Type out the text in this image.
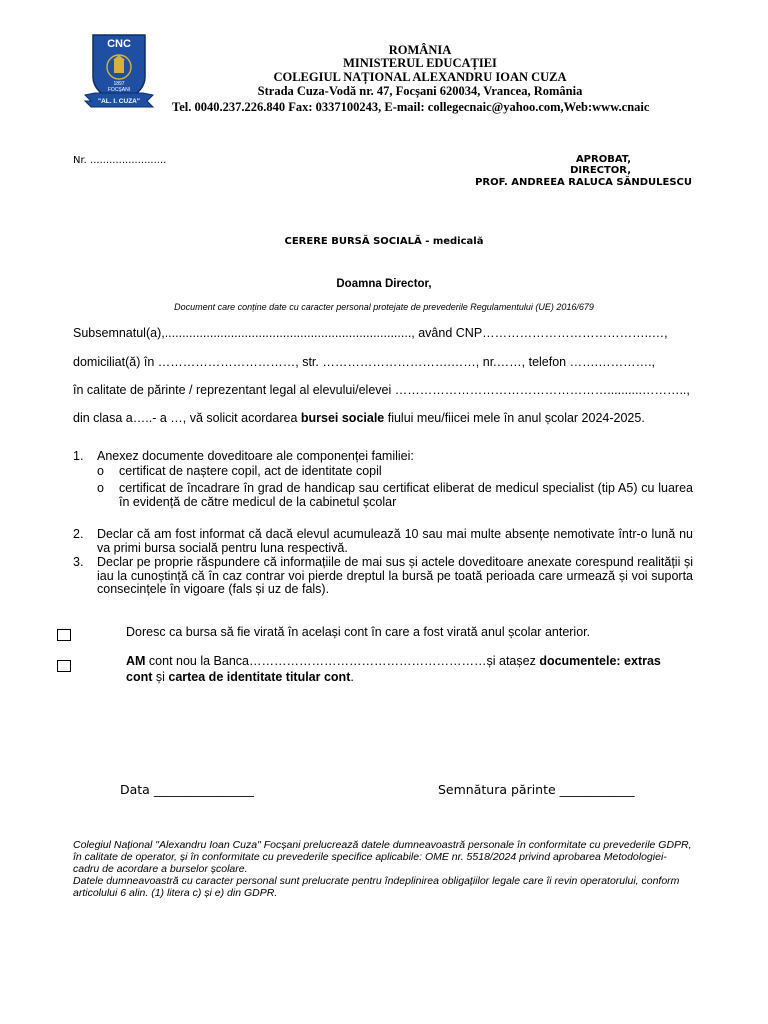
CNC
1897
FOCȘANI
"AL. I. CUZA"
ROMÂNIA
MINISTERUL EDUCAȚIEI
COLEGIUL NAȚIONAL ALEXANDRU IOAN CUZA
Strada Cuza-Vodă nr. 47, Focșani 620034, Vrancea, România
Tel. 0040.237.226.840 Fax: 0337100243, E-mail: collegecnaic@yahoo.com,Web:www.cnaic
Nr. ........................	APROBAT,
DIRECTOR,
PROF. ANDREEA RALUCA SĂNDULESCU
CERERE BURSĂ SOCIALĂ - medicală
Doamna Director,
Document care conține date cu caracter personal protejate de prevederile Regulamentului (UE) 2016/679
Subsemnatul(a),......................................................................., având CNP…………………………………..…,
domiciliat(ă) în ……………………………, str. ………………………….……, nr.……, telefon …….………….,
în calitate de părinte / reprezentant legal al elevului/elevei ……………………………………………..........………..,
din clasa a…..- a …, vă solicit acordarea bursei sociale fiului meu/fiicei mele în anul școlar 2024-2025.
1. Anexez documente doveditoare ale componenței familiei:
o certificat de naștere copil, act de identitate copil
o certificat de încadrare în grad de handicap sau certificat eliberat de medicul specialist (tip A5) cu luarea în evidență de către medicul de la cabinetul școlar
2. Declar că am fost informat că dacă elevul acumulează 10 sau mai multe absențe nemotivate într-o lună nu va primi bursa socială pentru luna respectivă.
3. Declar pe proprie răspundere că informațiile de mai sus și actele doveditoare anexate corespund realității și iau la cunoștință că în caz contrar voi pierde dreptul la bursă pe toată perioada care urmează și voi suporta consecințele în vigoare (fals și uz de fals).
Doresc ca bursa să fie virată în același cont în care a fost virată anul școlar anterior.
AM cont nou la Banca…………………………………………………și atașez documentele: extras cont și cartea de identitate titular cont.
Data ________________	Semnătura părinte ____________
Colegiul Național "Alexandru Ioan Cuza" Focșani prelucrează datele dumneavoastră personale în conformitate cu prevederile GDPR, în calitate de operator, și în conformitate cu prevederile specifice aplicabile: OME nr. 5518/2024 privind aprobarea Metodologiei-cadru de acordare a burselor școlare.
Datele dumneavoastră cu caracter personal sunt prelucrate pentru îndeplinirea obligațiilor legale care îi revin operatorului, conform articolului 6 alin. (1) litera c) și e) din GDPR.
